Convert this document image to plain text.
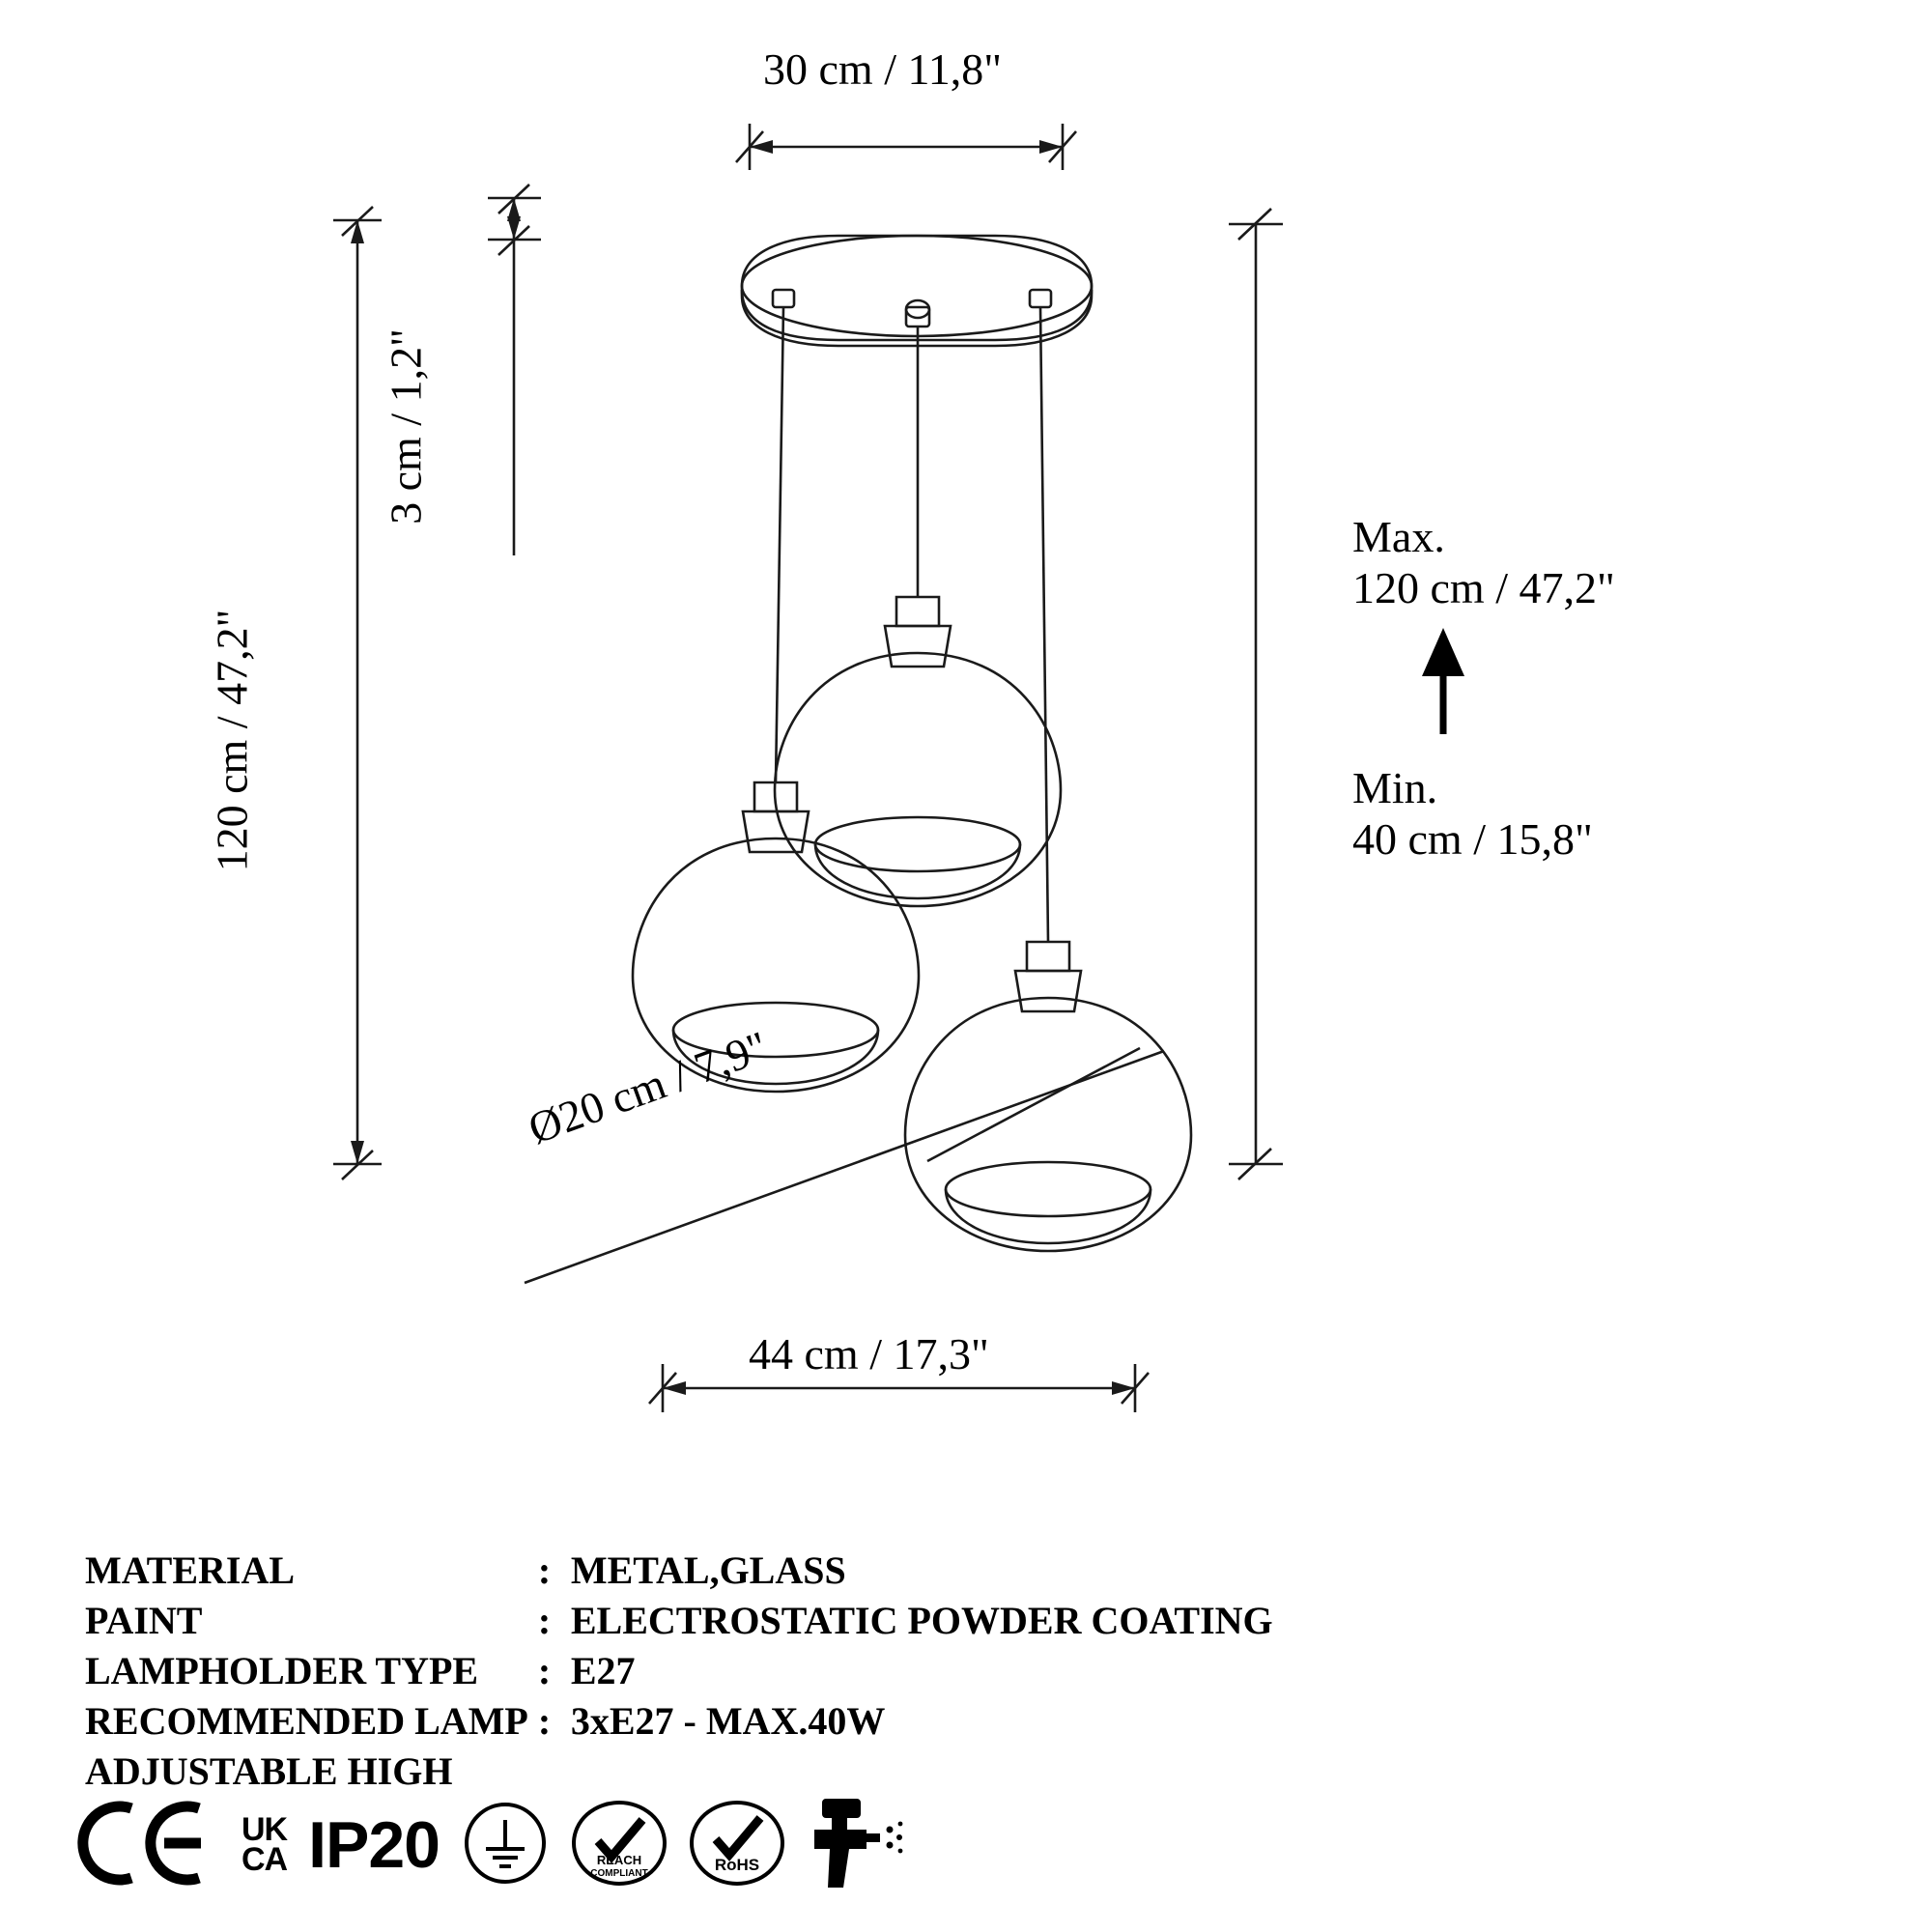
30 cm / 11,8"
120 cm / 47,2"
3 cm / 1,2"
Max.
120 cm / 47,2"
Min.
40 cm / 15,8"
Ø20 cm / 7,9"
44 cm / 17,3"
MATERIAL	:	METAL,GLASS
PAINT	:	ELECTROSTATIC POWDER COATING
LAMPHOLDER TYPE	:	E27
RECOMMENDED LAMP	:	3xE27 - MAX.40W
ADJUSTABLE HIGH		
UK
CA IP20	REACH
COMPLIANT	RoHS
